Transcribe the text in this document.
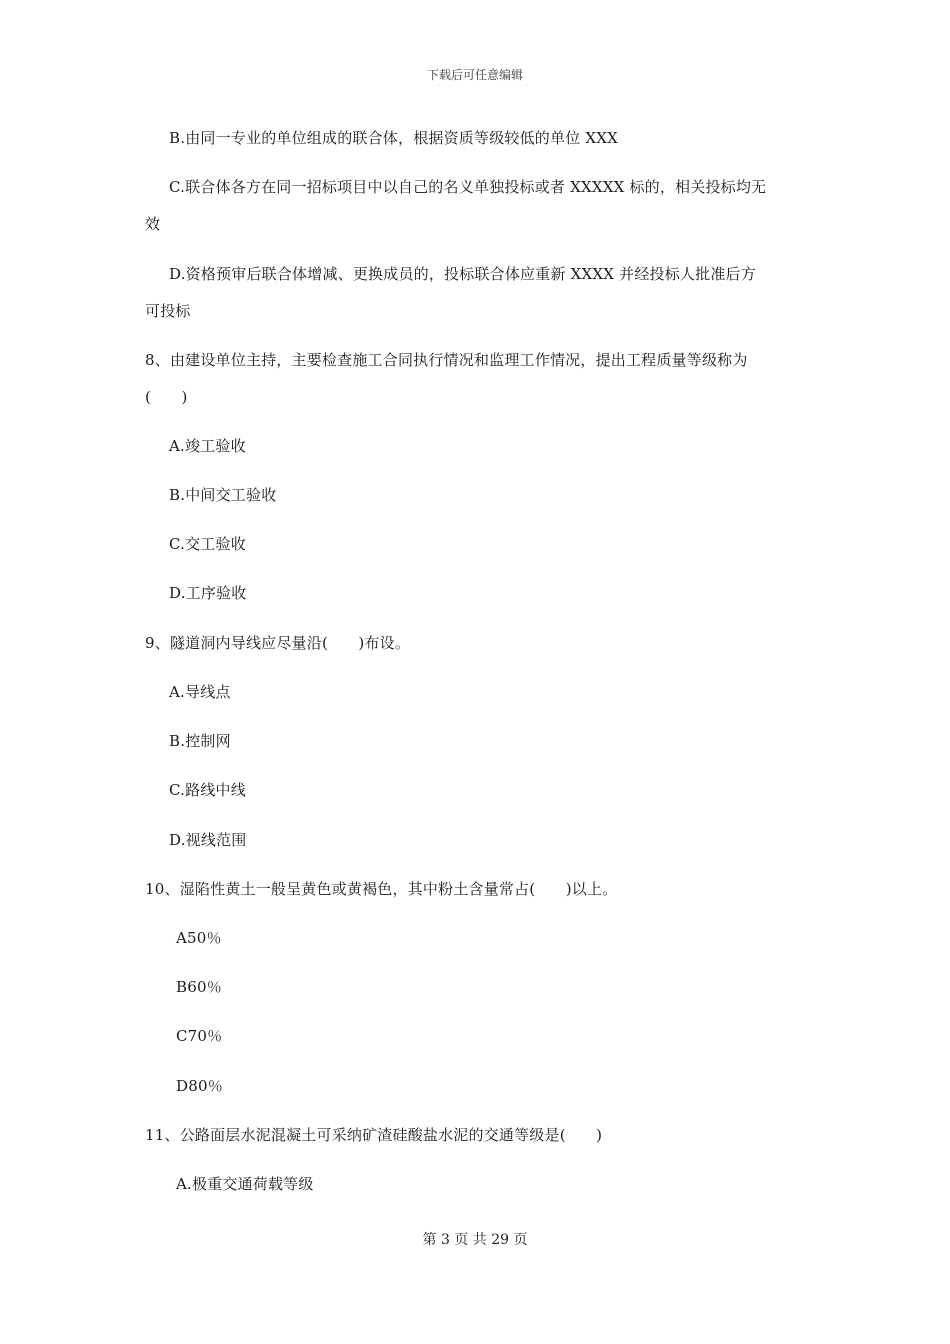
下载后可任意编辑
B.由同一专业的单位组成的联合体，根据资质等级较低的单位 XXX
C.联合体各方在同一招标项目中以自己的名义单独投标或者 XXXXX 标的，相关投标均无
效
D.资格预审后联合体增减、更换成员的，投标联合体应重新 XXXX 并经投标人批准后方
可投标
8、由建设单位主持，主要检查施工合同执行情况和监理工作情况，提出工程质量等级称为
(　　)
A.竣工验收
B.中间交工验收
C.交工验收
D.工序验收
9、隧道洞内导线应尽量沿(　　)布设。
A.导线点
B.控制网
C.路线中线
D.视线范围
10、湿陷性黄土一般呈黄色或黄褐色，其中粉土含量常占(　　)以上。
A50％
B60％
C70％
D80％
11、公路面层水泥混凝土可采纳矿渣硅酸盐水泥的交通等级是(　　)
A.极重交通荷载等级
第 3 页 共 29 页
